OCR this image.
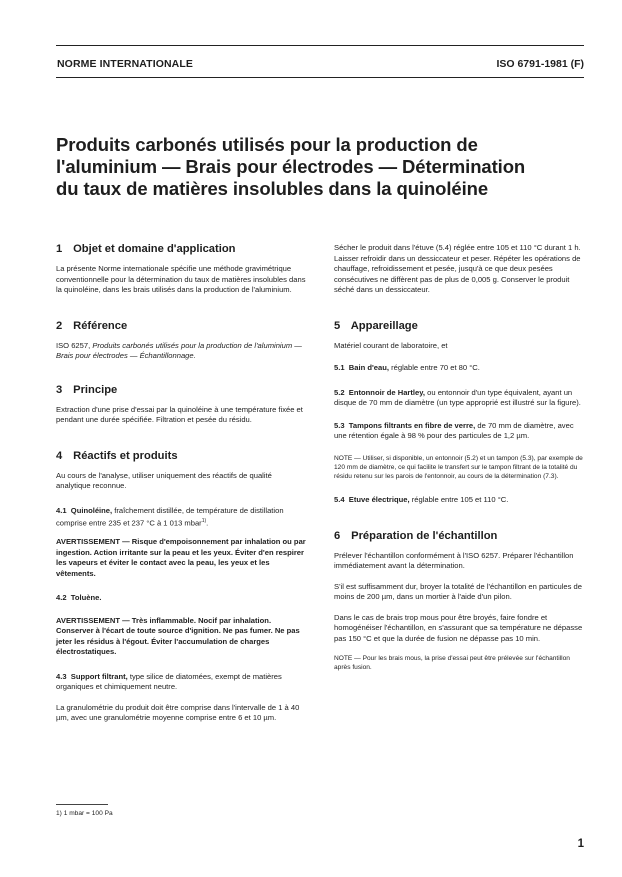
NORME INTERNATIONALE	ISO 6791-1981 (F)
Produits carbonés utilisés pour la production de
l'aluminium — Brais pour électrodes — Détermination
du taux de matières insolubles dans la quinoléine
1 Objet et domaine d'application

La présente Norme internationale spécifie une méthode gravimétrique conventionnelle pour la détermination du taux de matières insolubles dans la quinoléine, dans les brais utilisés dans la production de l'aluminium.

2 Référence

ISO 6257, Produits carbonés utilisés pour la production de l'aluminium — Brais pour électrodes — Échantillonnage.

3 Principe

Extraction d'une prise d'essai par la quinoléine à une température fixée et pendant une durée spécifiée. Filtration et pesée du résidu.

4 Réactifs et produits

Au cours de l'analyse, utiliser uniquement des réactifs de qualité analytique reconnue.

4.1 Quinoléine, fraîchement distillée, de température de distillation comprise entre 235 et 237 °C à 1 013 mbar$^{1)}$.

AVERTISSEMENT — Risque d'empoisonnement par inhalation ou par ingestion. Action irritante sur la peau et les yeux. Éviter d'en respirer les vapeurs et éviter le contact avec la peau, les yeux et les vêtements.

4.2 Toluène.

AVERTISSEMENT — Très inflammable. Nocif par inhalation. Conserver à l'écart de toute source d'ignition. Ne pas fumer. Ne pas jeter les résidus à l'égout. Éviter l'accumulation de charges électrostatiques.

4.3 Support filtrant, type silice de diatomées, exempt de matières organiques et chimiquement neutre.

La granulométrie du produit doit être comprise dans l'intervalle de 1 à 40 µm, avec une granulométrie moyenne comprise entre 6 et 10 µm.

Sécher le produit dans l'étuve (5.4) réglée entre 105 et 110 °C durant 1 h. Laisser refroidir dans un dessiccateur et peser. Répéter les opérations de chauffage, refroidissement et pesée, jusqu'à ce que deux pesées consécutives ne diffèrent pas de plus de 0,005 g. Conserver le produit séché dans un dessiccateur.

5 Appareillage

Matériel courant de laboratoire, et

5.1 Bain d'eau, réglable entre 70 et 80 °C.

5.2 Entonnoir de Hartley, ou entonnoir d'un type équivalent, ayant un disque de 70 mm de diamètre (un type approprié est illustré sur la figure).

5.3 Tampons filtrants en fibre de verre, de 70 mm de diamètre, avec une rétention égale à 98 % pour des particules de 1,2 µm.

NOTE — Utiliser, si disponible, un entonnoir (5.2) et un tampon (5.3), par exemple de 120 mm de diamètre, ce qui facilite le transfert sur le tampon filtrant de la totalité du résidu retenu sur les parois de l'entonnoir, au cours de la détermination (7.3).

5.4 Etuve électrique, réglable entre 105 et 110 °C.

6 Préparation de l'échantillon

Prélever l'échantillon conformément à l'ISO 6257. Préparer l'échantillon immédiatement avant la détermination.

S'il est suffisamment dur, broyer la totalité de l'échantillon en particules de moins de 200 µm, dans un mortier à l'aide d'un pilon.

Dans le cas de brais trop mous pour être broyés, faire fondre et homogénéiser l'échantillon, en s'assurant que sa température ne dépasse pas 150 °C et que la durée de fusion ne dépasse pas 10 min.

NOTE — Pour les brais mous, la prise d'essai peut être prélevée sur l'échantillon après fusion.

1) 1 mbar = 100 Pa
1
